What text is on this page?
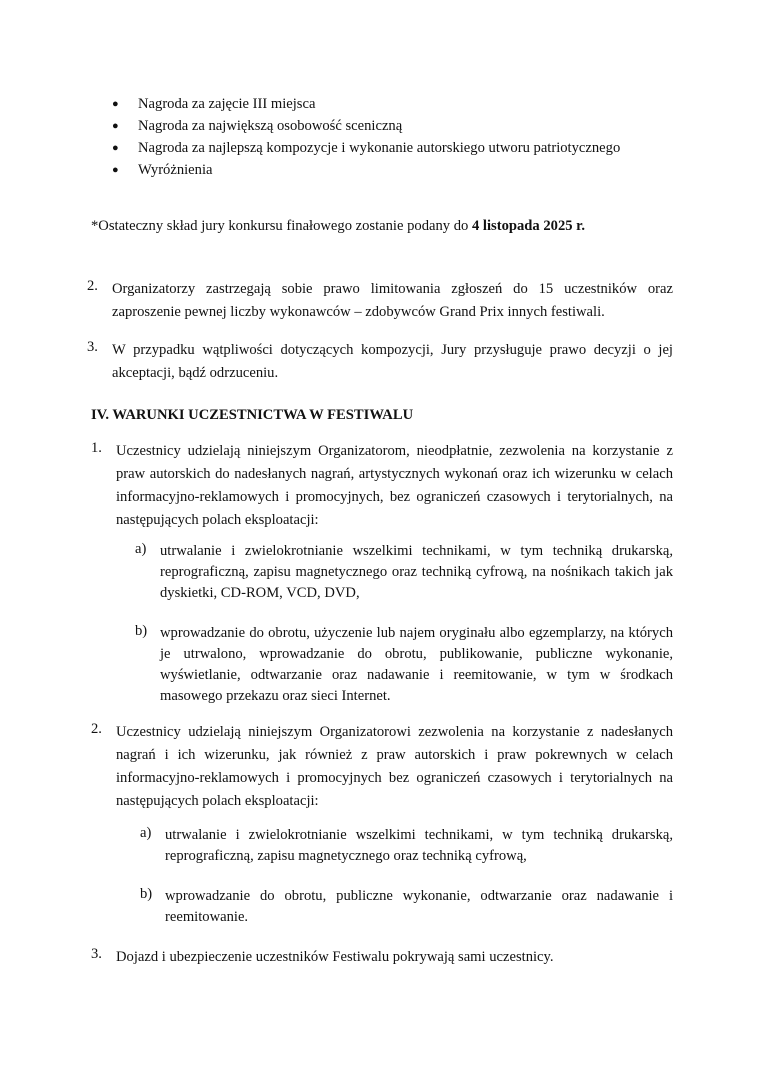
●	Nagroda za zajęcie III miejsca
●	Nagroda za największą osobowość sceniczną
●	Nagroda za najlepszą kompozycje i wykonanie autorskiego utworu patriotycznego
●	Wyróżnienia
*Ostateczny skład jury konkursu finałowego zostanie podany do 4 listopada 2025 r.
2. Organizatorzy zastrzegają sobie prawo limitowania zgłoszeń do 15 uczestników oraz zaproszenie pewnej liczby wykonawców – zdobywców Grand Prix innych festiwali.
3. W przypadku wątpliwości dotyczących kompozycji, Jury przysługuje prawo decyzji o jej akceptacji, bądź odrzuceniu.
IV. WARUNKI UCZESTNICTWA W FESTIWALU
1. Uczestnicy udzielają niniejszym Organizatorom, nieodpłatnie, zezwolenia na korzystanie z praw autorskich do nadesłanych nagrań, artystycznych wykonań oraz ich wizerunku w celach informacyjno-reklamowych i promocyjnych, bez ograniczeń czasowych i terytorialnych, na następujących polach eksploatacji:
a) utrwalanie i zwielokrotnianie wszelkimi technikami, w tym techniką drukarską, reprograficzną, zapisu magnetycznego oraz techniką cyfrową, na nośnikach takich jak dyskietki, CD-ROM, VCD, DVD,
b) wprowadzanie do obrotu, użyczenie lub najem oryginału albo egzemplarzy, na których je utrwalono, wprowadzanie do obrotu, publikowanie, publiczne wykonanie, wyświetlanie, odtwarzanie oraz nadawanie i reemitowanie, w tym w środkach masowego przekazu oraz sieci Internet.
2. Uczestnicy udzielają niniejszym Organizatorowi zezwolenia na korzystanie z nadesłanych nagrań i ich wizerunku, jak również z praw autorskich i praw pokrewnych w celach informacyjno-reklamowych i promocyjnych bez ograniczeń czasowych i terytorialnych na następujących polach eksploatacji:
a) utrwalanie i zwielokrotnianie wszelkimi technikami, w tym techniką drukarską, reprograficzną, zapisu magnetycznego oraz techniką cyfrową,
b) wprowadzanie do obrotu, publiczne wykonanie, odtwarzanie oraz nadawanie i reemitowanie.
3. Dojazd i ubezpieczenie uczestników Festiwalu pokrywają sami uczestnicy.
